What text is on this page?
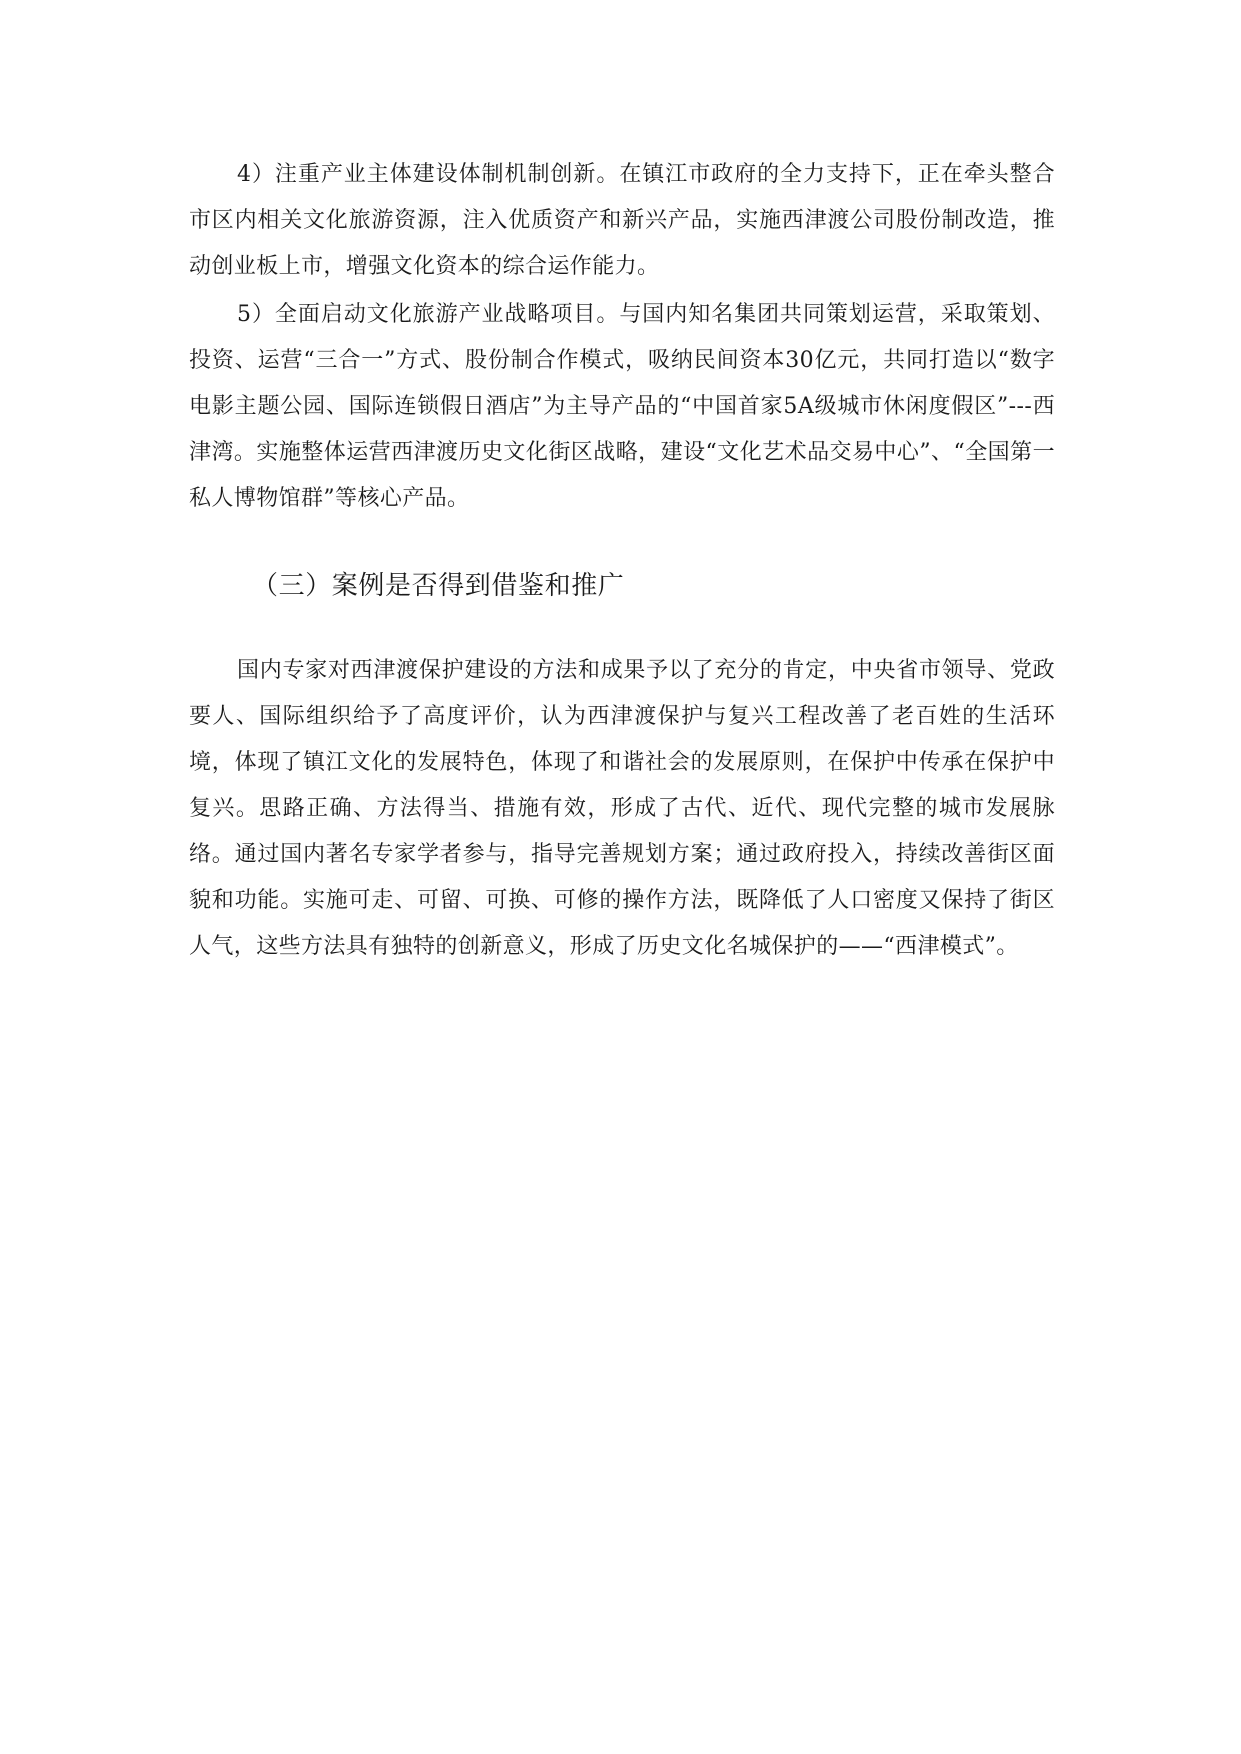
4）注重产业主体建设体制机制创新。在镇江市政府的全力支持下，正在牵头整合市区内相关文化旅游资源，注入优质资产和新兴产品，实施西津渡公司股份制改造，推动创业板上市，增强文化资本的综合运作能力。

5）全面启动文化旅游产业战略项目。与国内知名集团共同策划运营，采取策划、投资、运营“三合一”方式、股份制合作模式，吸纳民间资本30亿元，共同打造以“数字电影主题公园、国际连锁假日酒店”为主导产品的“中国首家5A级城市休闲度假区”---西津湾。实施整体运营西津渡历史文化街区战略，建设“文化艺术品交易中心”、“全国第一私人博物馆群”等核心产品。

（三）案例是否得到借鉴和推广

国内专家对西津渡保护建设的方法和成果予以了充分的肯定，中央省市领导、党政要人、国际组织给予了高度评价，认为西津渡保护与复兴工程改善了老百姓的生活环境，体现了镇江文化的发展特色，体现了和谐社会的发展原则，在保护中传承在保护中复兴。思路正确、方法得当、措施有效，形成了古代、近代、现代完整的城市发展脉络。通过国内著名专家学者参与，指导完善规划方案；通过政府投入，持续改善街区面貌和功能。实施可走、可留、可换、可修的操作方法，既降低了人口密度又保持了街区人气，这些方法具有独特的创新意义，形成了历史文化名城保护的——“西津模式”。
